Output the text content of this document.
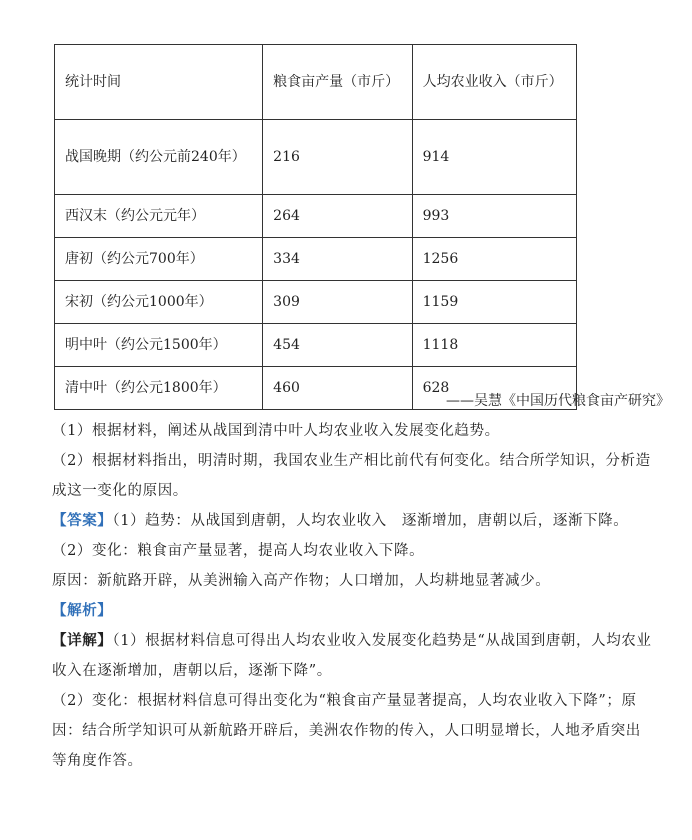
统计时间	粮食亩产量（市斤）	人均农业收入（市斤）
战国晚期（约公元前240年）	216	914
西汉末（约公元元年）	264	993
唐初（约公元700年）	334	1256
宋初（约公元1000年）	309	1159
明中叶（约公元1500年）	454	1118
清中叶（约公元1800年）	460	628
——吴慧《中国历代粮食亩产研究》
（1）根据材料，阐述从战国到清中叶人均农业收入发展变化趋势。
（2）根据材料指出，明清时期，我国农业生产相比前代有何变化。结合所学知识，分析造成这一变化的原因。
【答案】（1）趋势：从战国到唐朝，人均农业收入　逐渐增加，唐朝以后，逐渐下降。
（2）变化：粮食亩产量显著，提高人均农业收入下降。
原因：新航路开辟，从美洲输入高产作物；人口增加，人均耕地显著减少。
【解析】
【详解】（1）根据材料信息可得出人均农业收入发展变化趋势是“从战国到唐朝，人均农业收入在逐渐增加，唐朝以后，逐渐下降”。
（2）变化：根据材料信息可得出变化为“粮食亩产量显著提高，人均农业收入下降”；原因：结合所学知识可从新航路开辟后，美洲农作物的传入，人口明显增长，人地矛盾突出等角度作答。
